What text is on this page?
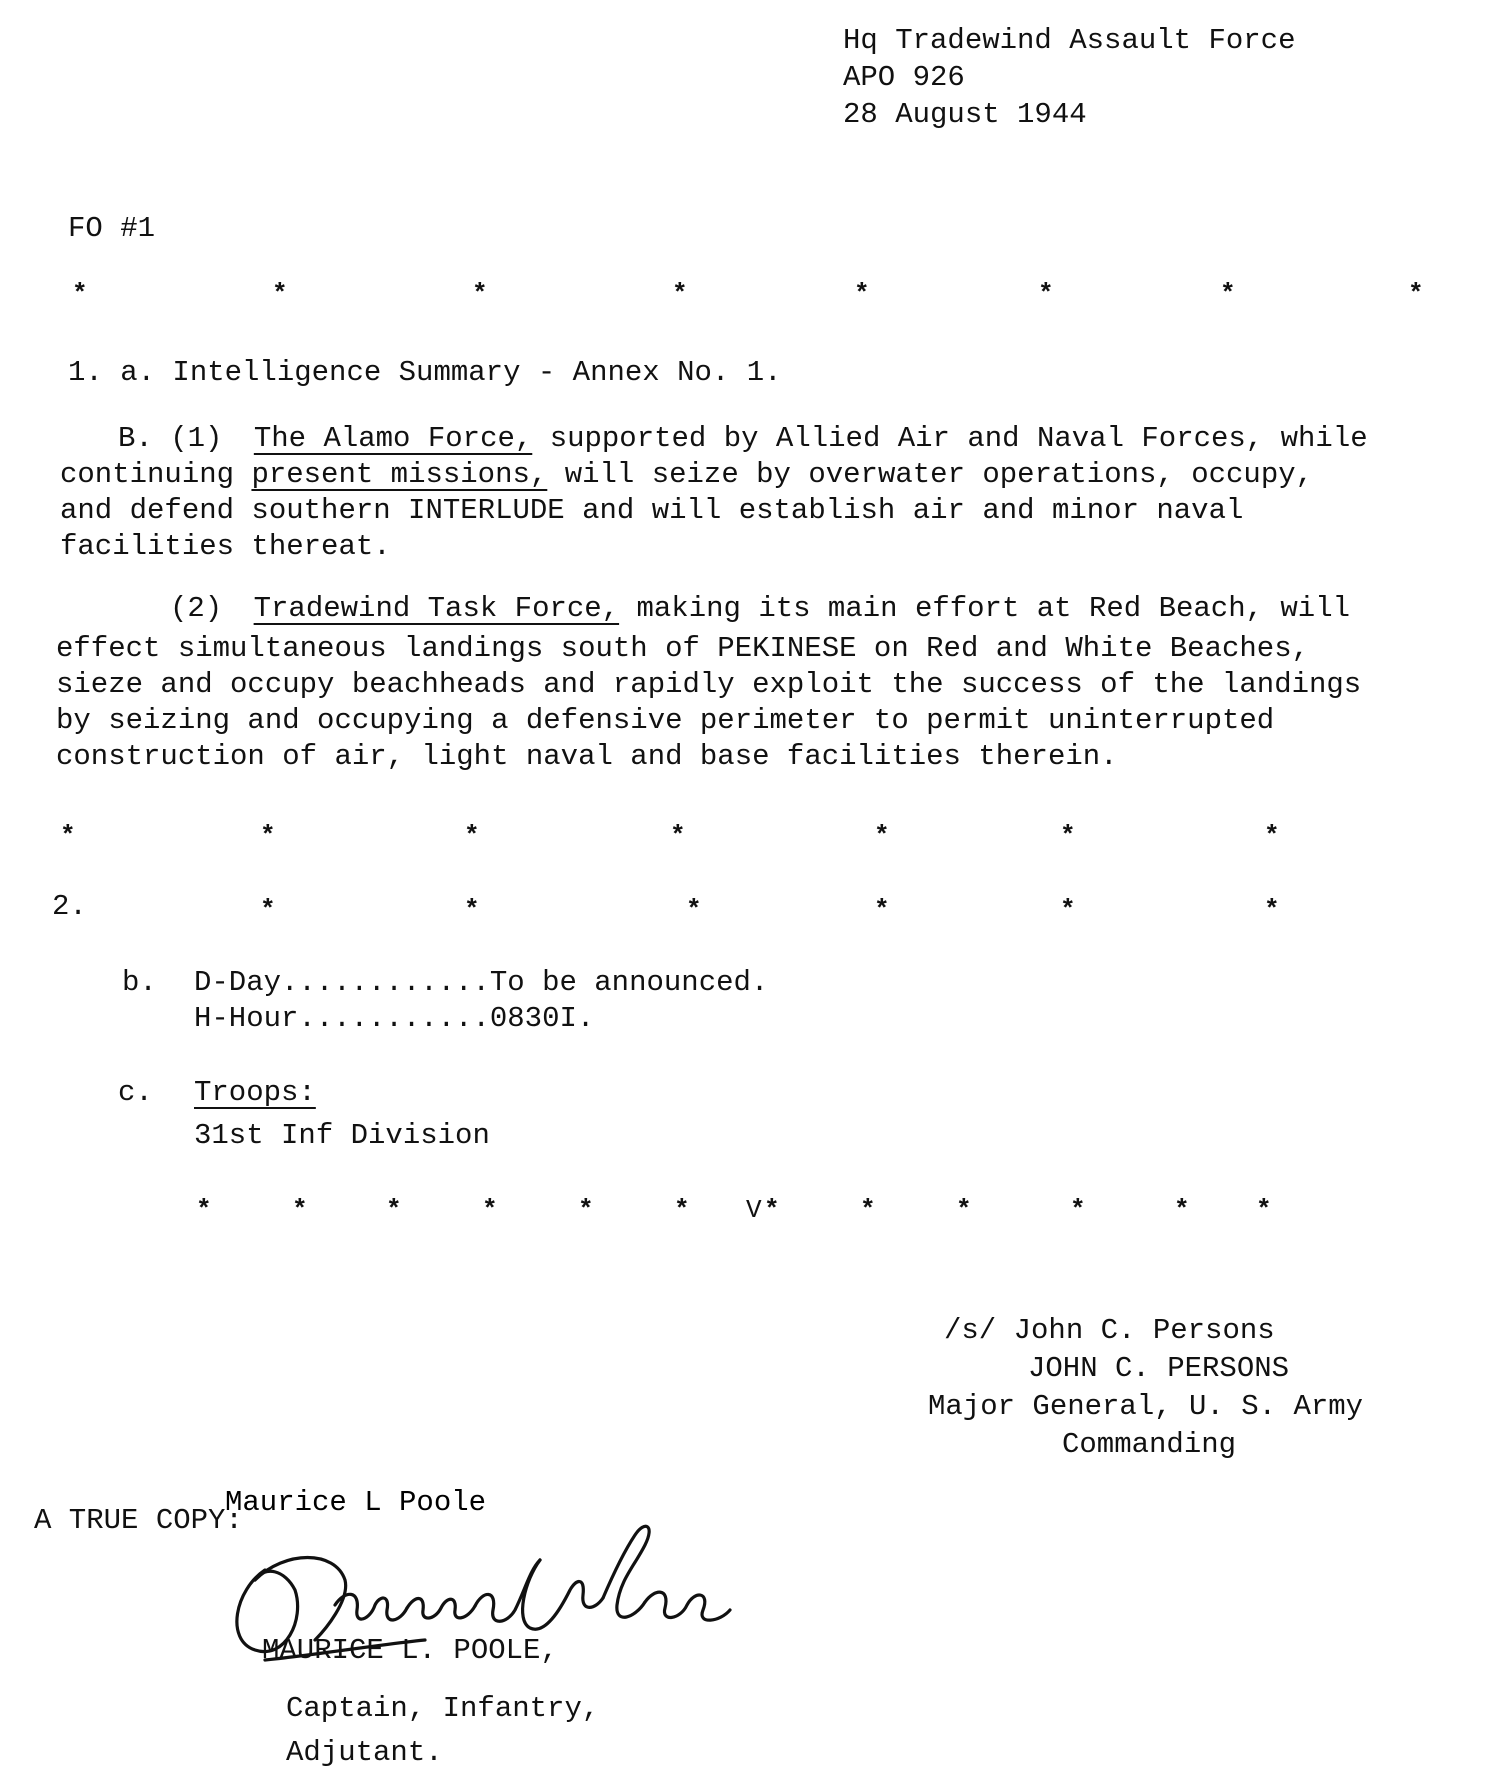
Hq Tradewind Assault Force
APO 926
28 August 1944
FO #1
*	*	*	*	*	*	*	*
1. a. Intelligence Summary - Annex No. 1.
B. (1) The Alamo Force, supported by Allied Air and Naval Forces, while
continuing present missions, will seize by overwater operations, occupy,
and defend southern INTERLUDE and will establish air and minor naval
facilities thereat.
(2) Tradewind Task Force, making its main effort at Red Beach, will
effect simultaneous landings south of PEKINESE on Red and White Beaches,
sieze and occupy beachheads and rapidly exploit the success of the landings
by seizing and occupying a defensive perimeter to permit uninterrupted
construction of air, light naval and base facilities therein.
*	*	*	*	*	*	*
2.	*	*	*	*	*	*
b. D-Day............To be announced.
H-Hour...........0830I.
c. Troops:
31st Inf Division
*	*	*	*	*	* V *	*	*	*	*	*
/s/ John C. Persons
JOHN C. PERSONS
Major General, U. S. Army
Commanding
A TRUE COPY:
Maurice L Poole
MAURICE L. POOLE,
Captain, Infantry,
Adjutant.
